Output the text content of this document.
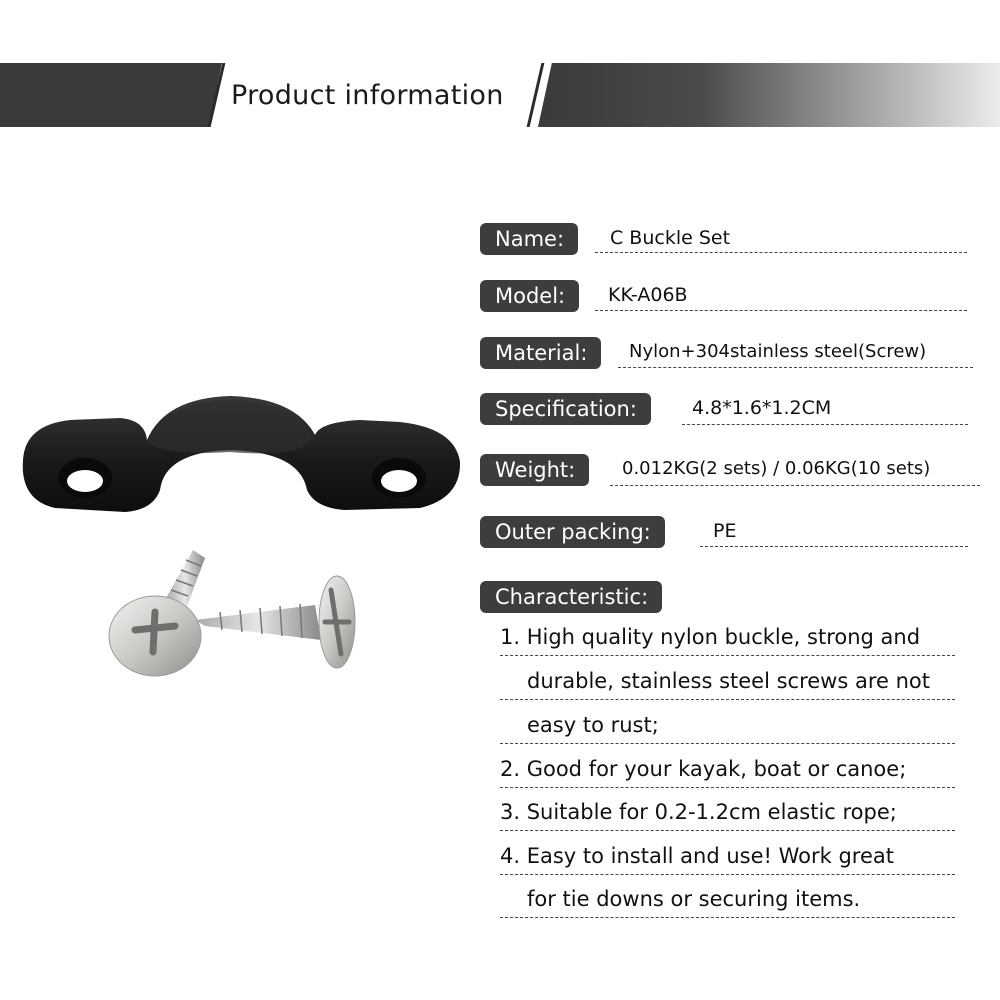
Product information
Name:	C Buckle Set
Model:	KK-A06B
Material:	Nylon+304stainless steel(Screw)
Specification:	4.8*1.6*1.2CM
Weight:	0.012KG(2 sets) / 0.06KG(10 sets)
Outer packing:	PE
Characteristic:
1. High quality nylon buckle, strong and
durable, stainless steel screws are not
easy to rust;
2. Good for your kayak, boat or canoe;
3. Suitable for 0.2-1.2cm elastic rope;
4. Easy to install and use! Work great
for tie downs or securing items.
